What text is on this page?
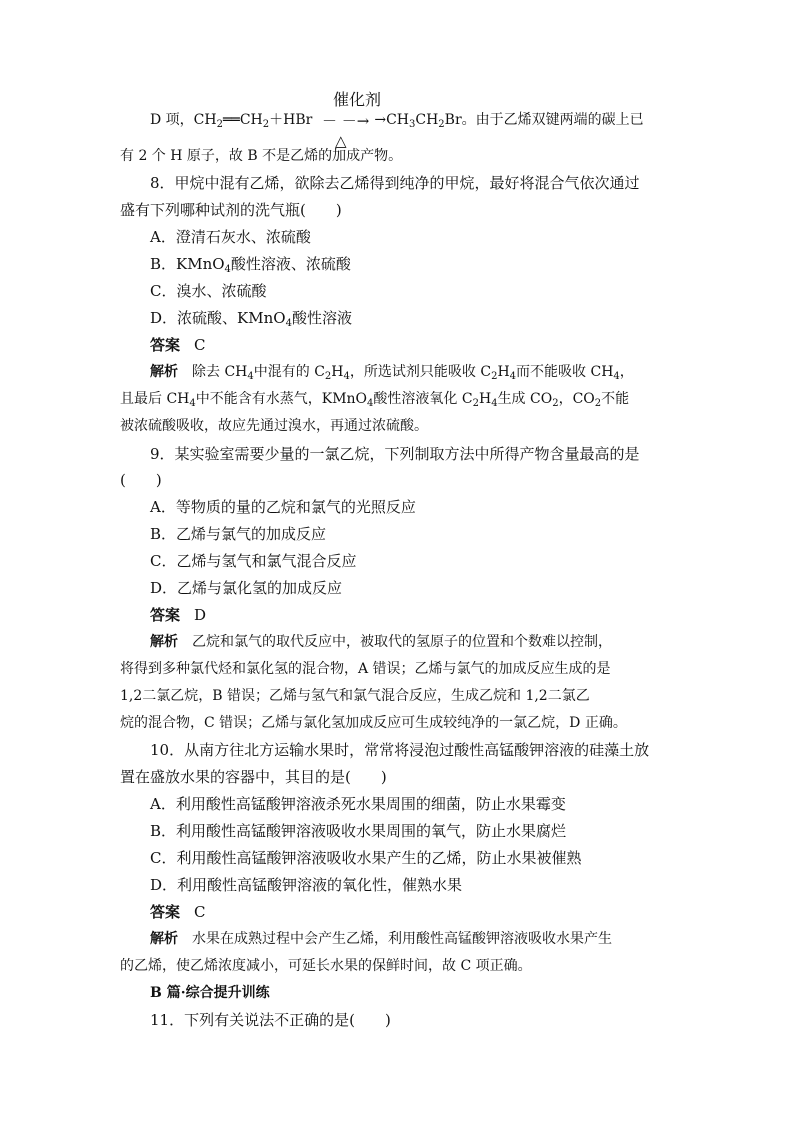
催化剂
－ －→
△
D 项，$CH_2══CH_2+HBr$	$\to CH_3CH_2Br$。由于乙烯双键两端的碳上已
有 2 个 H 原子，故 B 不是乙烯的加成产物。
8．甲烷中混有乙烯，欲除去乙烯得到纯净的甲烷，最好将混合气依次通过
盛有下列哪种试剂的洗气瓶(　　)
A．澄清石灰水、浓硫酸
B．KMnO$_4$酸性溶液、浓硫酸
C．溴水、浓硫酸
D．浓硫酸、KMnO$_4$酸性溶液
答案 C
解析 除去 $CH_4$中混有的 $C_2H_4$，所选试剂只能吸收 $C_2H_4$而不能吸收 $CH_4$，
且最后 $CH_4$中不能含有水蒸气，KMnO$_4$酸性溶液氧化 $C_2H_4$生成 $CO_2$，$CO_2$不能
被浓硫酸吸收，故应先通过溴水，再通过浓硫酸。
9．某实验室需要少量的一氯乙烷，下列制取方法中所得产物含量最高的是
(　　)
A．等物质的量的乙烷和氯气的光照反应
B．乙烯与氯气的加成反应
C．乙烯与氢气和氯气混合反应
D．乙烯与氯化氢的加成反应
答案 D
解析 乙烷和氯气的取代反应中，被取代的氢原子的位置和个数难以控制，
将得到多种氯代烃和氯化氢的混合物，A 错误；乙烯与氯气的加成反应生成的是
1,2二氯乙烷，B 错误；乙烯与氢气和氯气混合反应，生成乙烷和 1,2二氯乙
烷的混合物，C 错误；乙烯与氯化氢加成反应可生成较纯净的一氯乙烷，D 正确。
10．从南方往北方运输水果时，常常将浸泡过酸性高锰酸钾溶液的硅藻土放
置在盛放水果的容器中，其目的是(　　)
A．利用酸性高锰酸钾溶液杀死水果周围的细菌，防止水果霉变
B．利用酸性高锰酸钾溶液吸收水果周围的氧气，防止水果腐烂
C．利用酸性高锰酸钾溶液吸收水果产生的乙烯，防止水果被催熟
D．利用酸性高锰酸钾溶液的氧化性，催熟水果
答案 C
解析 水果在成熟过程中会产生乙烯，利用酸性高锰酸钾溶液吸收水果产生
的乙烯，使乙烯浓度减小，可延长水果的保鲜时间，故 C 项正确。
B 篇·综合提升训练
11．下列有关说法不正确的是(　　)
